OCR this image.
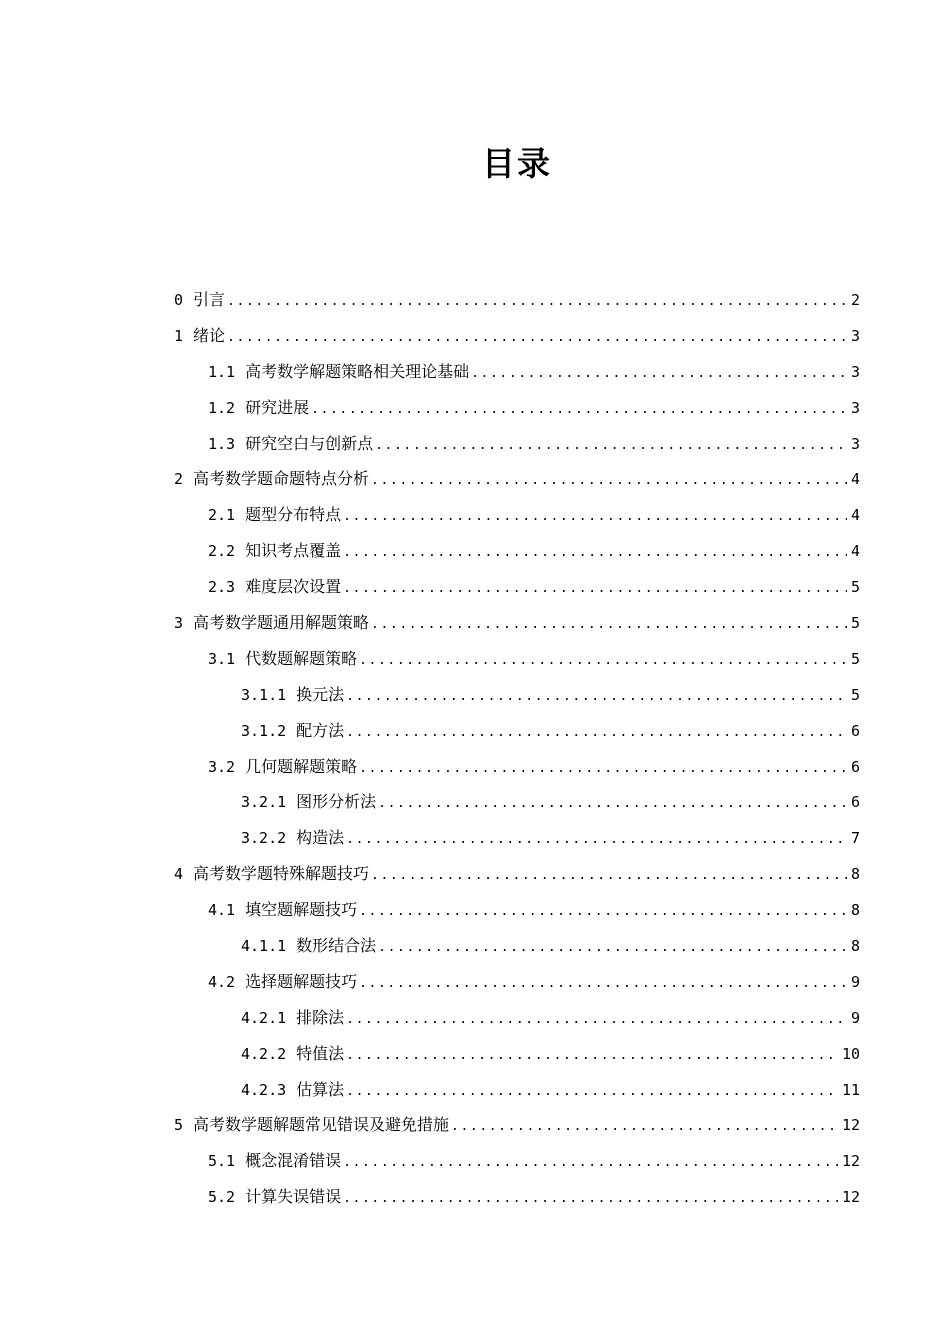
目录
0 引言 .....	2
1 绪论 .....	3
1.1 高考数学解题策略相关理论基础 .....	3
1.2 研究进展 .....	3
1.3 研究空白与创新点 .....	3
2 高考数学题命题特点分析 .....	4
2.1 题型分布特点 .....	4
2.2 知识考点覆盖 .....	4
2.3 难度层次设置 .....	5
3 高考数学题通用解题策略 .....	5
3.1 代数题解题策略 .....	5
3.1.1 换元法 .....	5
3.1.2 配方法 .....	6
3.2 几何题解题策略 .....	6
3.2.1 图形分析法 .....	6
3.2.2 构造法 .....	7
4 高考数学题特殊解题技巧 .....	8
4.1 填空题解题技巧 .....	8
4.1.1 数形结合法 .....	8
4.2 选择题解题技巧 .....	9
4.2.1 排除法 .....	9
4.2.2 特值法 .....	10
4.2.3 估算法 .....	11
5 高考数学题解题常见错误及避免措施 .....	12
5.1 概念混淆错误 .....	12
5.2 计算失误错误 .....	12
